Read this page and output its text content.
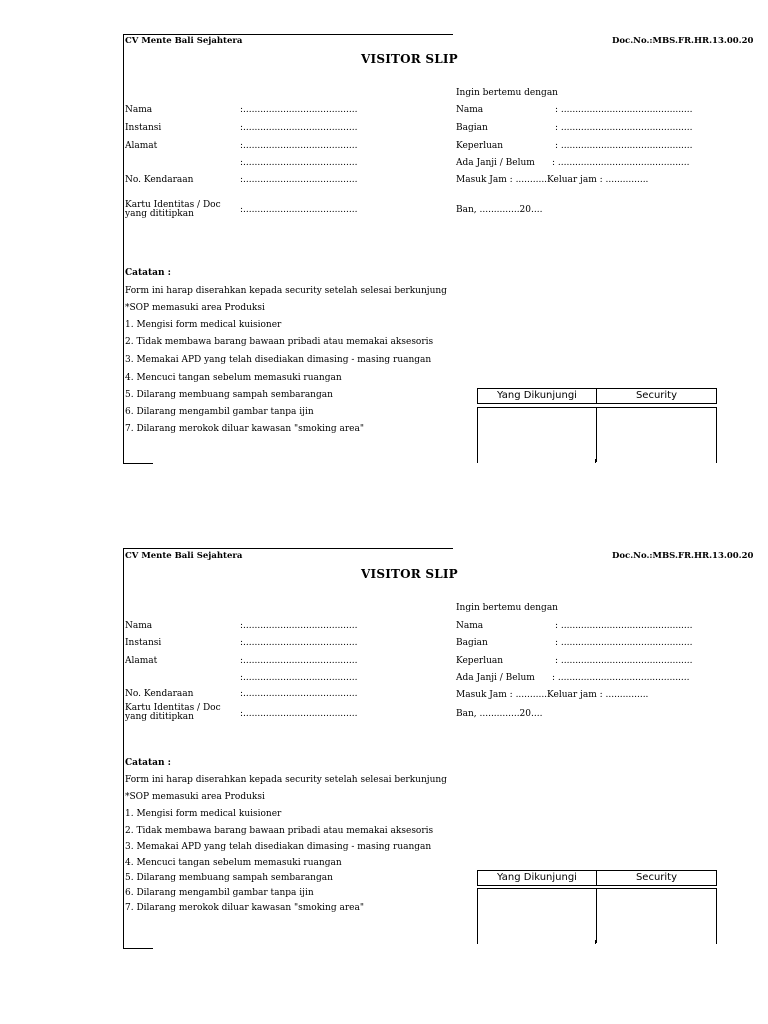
CV Mente Bali Sejahtera	Doc.No.:MBS.FR.HR.13.00.20
VISITOR SLIP
Nama	:........................................
Instansi	:........................................
Alamat	:........................................
:........................................
No. Kendaraan	:........................................
Kartu Identitas / Doc
yang dititipkan	:........................................
Ingin bertemu dengan
Nama	: ..............................................
Bagian	: ..............................................
Keperluan	: ..............................................
Ada Janji / Belum : ..............................................
Masuk Jam : ...........Keluar jam : ...............
Ban, ..............20....
Catatan :
Form ini harap diserahkan kepada security setelah selesai berkunjung
*SOP memasuki area Produksi
1. Mengisi form medical kuisioner
2. Tidak membawa barang bawaan pribadi atau memakai aksesoris
3. Memakai APD yang telah disediakan dimasing - masing ruangan
4. Mencuci tangan sebelum memasuki ruangan
5. Dilarang membuang sampah sembarangan
6. Dilarang mengambil gambar tanpa ijin
7. Dilarang merokok diluar kawasan "smoking area"
Yang Dikunjungi	Security
CV Mente Bali Sejahtera	Doc.No.:MBS.FR.HR.13.00.20
VISITOR SLIP
Nama	:........................................
Instansi	:........................................
Alamat	:........................................
:........................................
No. Kendaraan	:........................................
Kartu Identitas / Doc
yang dititipkan	:........................................
Ingin bertemu dengan
Nama	: ..............................................
Bagian	: ..............................................
Keperluan	: ..............................................
Ada Janji / Belum : ..............................................
Masuk Jam : ...........Keluar jam : ...............
Ban, ..............20....
Catatan :
Form ini harap diserahkan kepada security setelah selesai berkunjung
*SOP memasuki area Produksi
1. Mengisi form medical kuisioner
2. Tidak membawa barang bawaan pribadi atau memakai aksesoris
3. Memakai APD yang telah disediakan dimasing - masing ruangan
4. Mencuci tangan sebelum memasuki ruangan
5. Dilarang membuang sampah sembarangan
6. Dilarang mengambil gambar tanpa ijin
7. Dilarang merokok diluar kawasan "smoking area"
Yang Dikunjungi	Security
